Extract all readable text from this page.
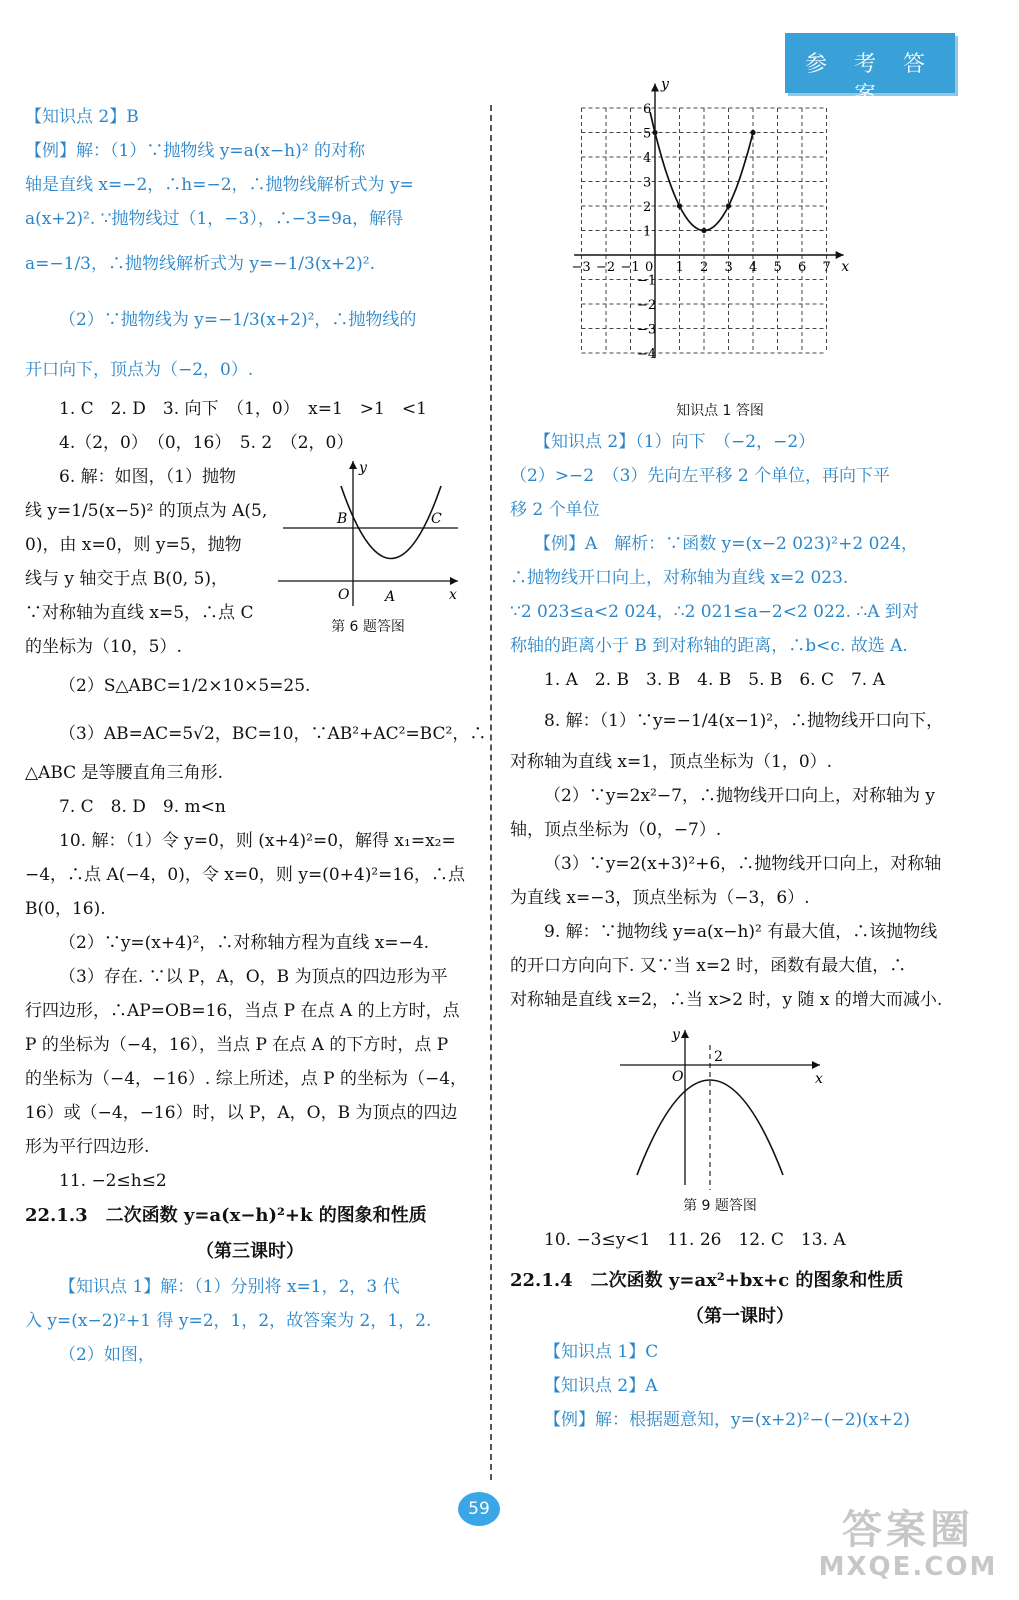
参 考 答 案
【知识点 2】B
【例】解：（1）∵抛物线 y=a(x−h)² 的对称
轴是直线 x=−2，∴h=−2，∴抛物线解析式为 y=
a(x+2)². ∵抛物线过（1，−3），∴−3=9a，解得
a=−1/3，∴抛物线解析式为 y=−1/3(x+2)².
（2）∵抛物线为 y=−1/3(x+2)²，∴抛物线的
开口向下，顶点为（−2，0）.
1. C　2. D　3. 向下　（1，0）　x=1　>1　<1
4.（2，0）　（0，16）　5. 2　（2，0）
6. 解：如图，（1）抛物
线 y=1/5(x−5)² 的顶点为 A(5,
0)，由 x=0，则 y=5，抛物
线与 y 轴交于点 B(0, 5)，
∵对称轴为直线 x=5，∴点 C
的坐标为（10，5）.
y
x
B	C
O	A
第 6 题答图
（2）S△ABC=1/2×10×5=25.
（3）AB=AC=5√2，BC=10，∵AB²+AC²=BC²，∴
△ABC 是等腰直角三角形.
7. C　8. D　9. m<n
10. 解：（1）令 y=0，则 (x+4)²=0，解得 x₁=x₂=
−4，∴点 A(−4，0)，令 x=0，则 y=(0+4)²=16，∴点
B(0，16).
（2）∵y=(x+4)²，∴对称轴方程为直线 x=−4.
（3）存在. ∵以 P，A，O，B 为顶点的四边形为平
行四边形，∴AP=OB=16，当点 P 在点 A 的上方时，点
P 的坐标为（−4，16），当点 P 在点 A 的下方时，点 P
的坐标为（−4，−16）. 综上所述，点 P 的坐标为（−4，
16）或（−4，−16）时，以 P，A，O，B 为顶点的四边
形为平行四边形.
11. −2≤h≤2
22.1.3　二次函数 y=a(x−h)²+k 的图象和性质
（第三课时）
【知识点 1】解：（1）分别将 x=1，2，3 代
入 y=(x−2)²+1 得 y=2，1，2，故答案为 2，1，2.
（2）如图，
−3 −2 −1 0 1 2 3 4 5 6 7
6
5
4
3
2
1
−1
−2
−3
−4
x
y
知识点 1 答图
【知识点 2】（1）向下　（−2，−2）
（2）>−2　（3）先向左平移 2 个单位，再向下平
移 2 个单位
【例】A　解析：∵函数 y=(x−2 023)²+2 024，
∴抛物线开口向上，对称轴为直线 x=2 023.
∵2 023≤a<2 024，∴2 021≤a−2<2 022. ∴A 到对
称轴的距离小于 B 到对称轴的距离，∴b<c. 故选 A.
1. A　2. B　3. B　4. B　5. B　6. C　7. A
8. 解：（1）∵y=−1/4(x−1)²，∴抛物线开口向下，
对称轴为直线 x=1，顶点坐标为（1，0）.
（2）∵y=2x²−7，∴抛物线开口向上，对称轴为 y
轴，顶点坐标为（0，−7）.
（3）∵y=2(x+3)²+6，∴抛物线开口向上，对称轴
为直线 x=−3，顶点坐标为（−3，6）.
9. 解：∵抛物线 y=a(x−h)² 有最大值，∴该抛物线
的开口方向向下. 又∵当 x=2 时，函数有最大值，∴
对称轴是直线 x=2，∴当 x>2 时，y 随 x 的增大而减小.
y
x
O
2
第 9 题答图
10. −3≤y<1　11. 26　12. C　13. A
22.1.4　二次函数 y=ax²+bx+c 的图象和性质
（第一课时）
【知识点 1】C
【知识点 2】A
【例】解：根据题意知，y=(x+2)²−(−2)(x+2)
59	答案圈
MXQE.COM
